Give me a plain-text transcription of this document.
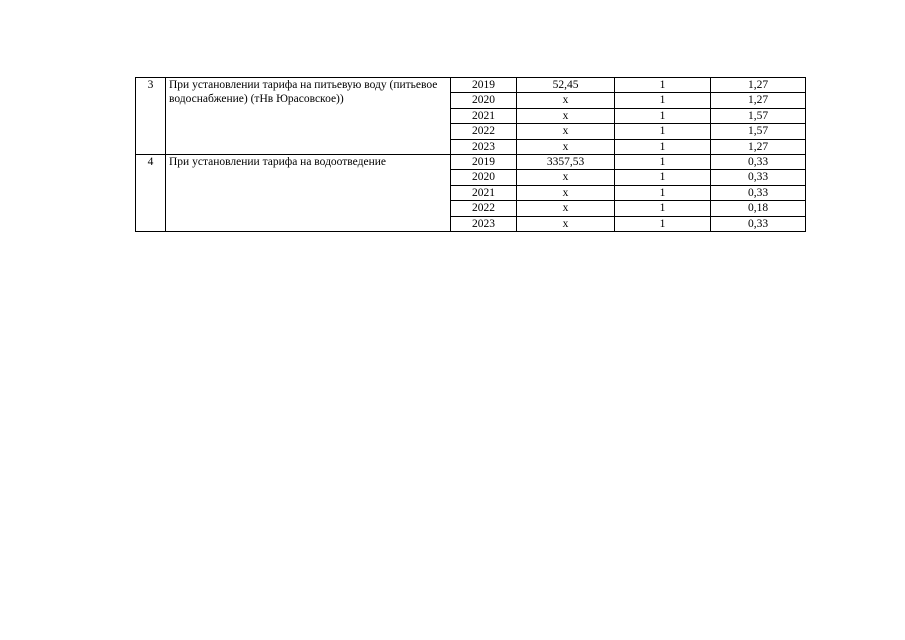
3	При установлении тарифа на питьевую воду (питьевое водоснабжение) (тНв Юрасовское))	2019	52,45	1	1,27
		2020	х	1	1,27
		2021	х	1	1,57
		2022	х	1	1,57
		2023	х	1	1,27
4	При установлении тарифа на водоотведение	2019	3357,53	1	0,33
		2020	х	1	0,33
		2021	х	1	0,33
		2022	х	1	0,18
		2023	х	1	0,33
